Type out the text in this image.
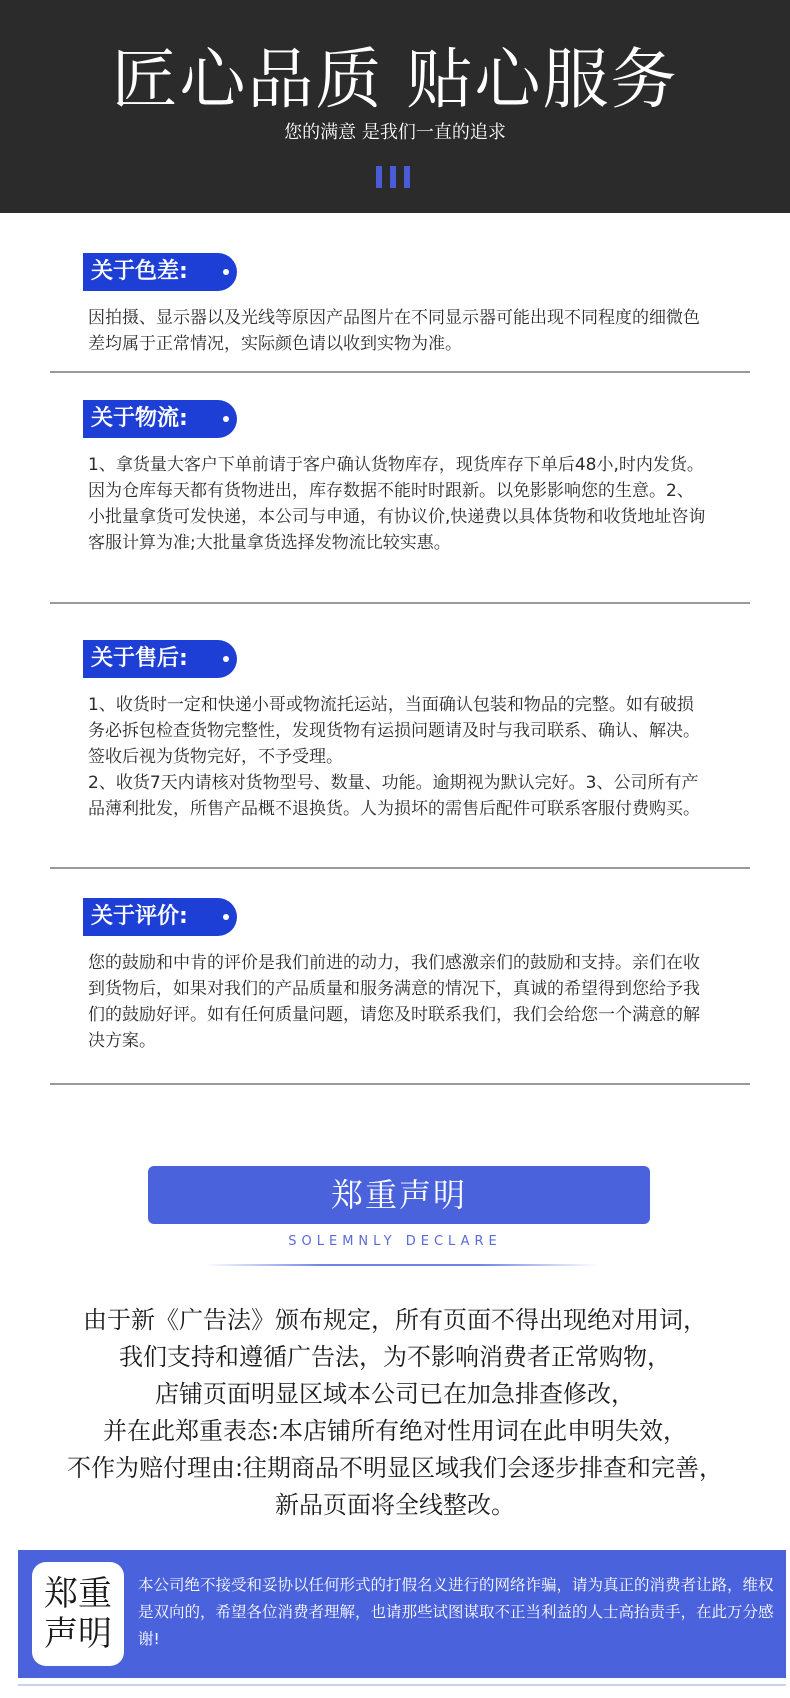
匠心品质 贴心服务
您的满意 是我们一直的追求
关于色差:
因拍摄、显示器以及光线等原因产品图片在不同显示器可能出现不同程度的细微色差均属于正常情况，实际颜色请以收到实物为准。
关于物流:
1、拿货量大客户下单前请于客户确认货物库存，现货库存下单后48小,时内发货。因为仓库每天都有货物进出，库存数据不能时时跟新。以免影影响您的生意。2、小批量拿货可发快递，本公司与申通，有协议价,快递费以具体货物和收货地址咨询客服计算为准;大批量拿货选择发物流比较实惠。
关于售后:
1、收货时一定和快递小哥或物流托运站，当面确认包装和物品的完整。如有破损务必拆包检查货物完整性，发现货物有运损问题请及时与我司联系、确认、解决。签收后视为货物完好，不予受理。
2、收货7天内请核对货物型号、数量、功能。逾期视为默认完好。3、公司所有产品薄利批发，所售产品概不退换货。人为损坏的需售后配件可联系客服付费购买。
关于评价:
您的鼓励和中肯的评价是我们前进的动力，我们感激亲们的鼓励和支持。亲们在收到货物后，如果对我们的产品质量和服务满意的情况下，真诚的希望得到您给予我们的鼓励好评。如有任何质量问题，请您及时联系我们，我们会给您一个满意的解决方案。
郑重声明
SOLEMNLY DECLARE
由于新《广告法》颁布规定，所有页面不得出现绝对用词，
我们支持和遵循广告法，为不影响消费者正常购物，
店铺页面明显区域本公司已在加急排查修改，
并在此郑重表态:本店铺所有绝对性用词在此申明失效，
不作为赔付理由:往期商品不明显区域我们会逐步排查和完善，
新品页面将全线整改。
郑重
声明
本公司绝不接受和妥协以任何形式的打假名义进行的网络诈骗，请为真正的消费者让路，维权是双向的，希望各位消费者理解，也请那些试图谋取不正当利益的人士高抬责手，在此万分感谢!
